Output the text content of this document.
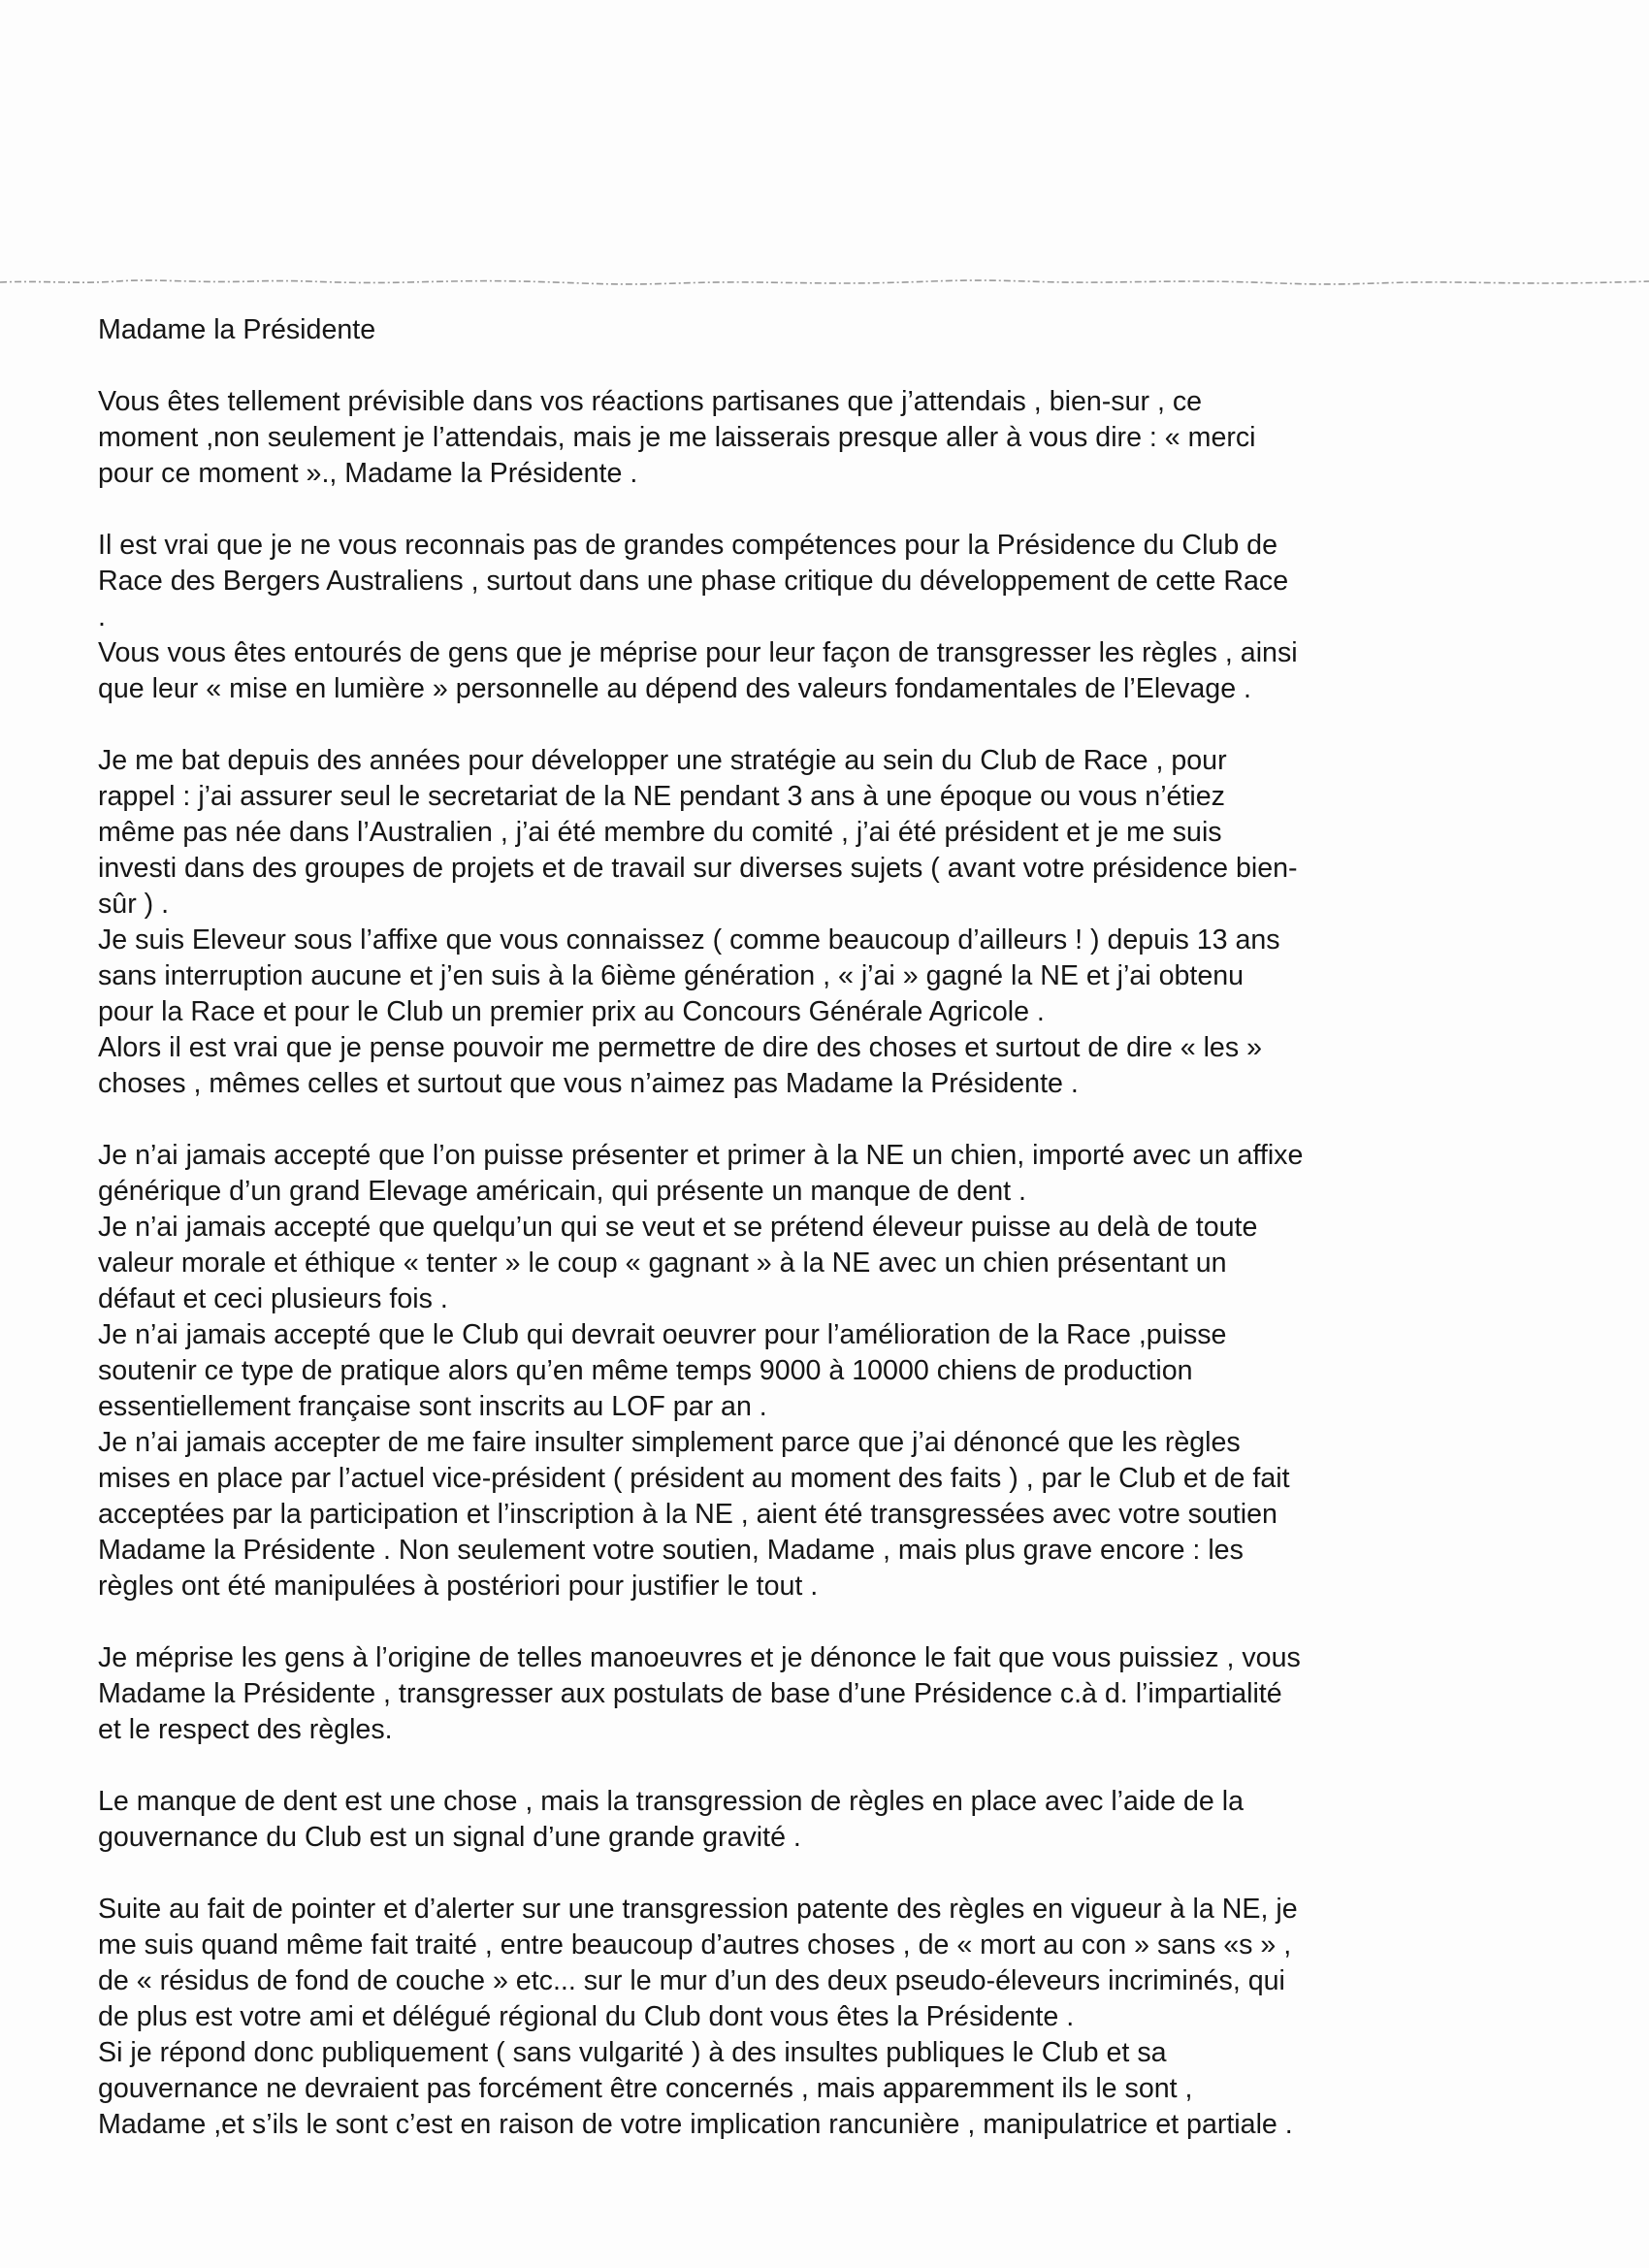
Madame la Présidente

Vous êtes tellement prévisible dans vos réactions partisanes que j’attendais , bien-sur , ce
moment ,non seulement je l’attendais, mais je me laisserais presque aller à vous dire : « merci
pour ce moment »., Madame la Présidente .

Il est vrai que je ne vous reconnais pas de grandes compétences pour la Présidence du Club de
Race des Bergers Australiens , surtout dans une phase critique du développement de cette Race
.

Vous vous êtes entourés de gens que je méprise pour leur façon de transgresser les règles , ainsi
que leur « mise en lumière » personnelle au dépend des valeurs fondamentales de l’Elevage .

Je me bat depuis des années pour développer une stratégie au sein du Club de Race , pour
rappel : j’ai assurer seul le secretariat de la NE pendant 3 ans à une époque ou vous n’étiez
même pas née dans l’Australien , j’ai été membre du comité , j’ai été président et je me suis
investi dans des groupes de projets et de travail sur diverses sujets ( avant votre présidence bien-
sûr ) .

Je suis Eleveur sous l’affixe que vous connaissez ( comme beaucoup d’ailleurs ! ) depuis 13 ans
sans interruption aucune et j’en suis à la 6ième génération , « j’ai » gagné la NE et j’ai obtenu
pour la Race et pour le Club un premier prix au Concours Générale Agricole .

Alors il est vrai que je pense pouvoir me permettre de dire des choses et surtout de dire « les »
choses , mêmes celles et surtout que vous n’aimez pas Madame la Présidente .

Je n’ai jamais accepté que l’on puisse présenter et primer à la NE un chien, importé avec un affixe
générique d’un grand Elevage américain, qui présente un manque de dent .

Je n’ai jamais accepté que quelqu’un qui se veut et se prétend éleveur puisse au delà de toute
valeur morale et éthique « tenter » le coup « gagnant » à la NE avec un chien présentant un
défaut et ceci plusieurs fois .

Je n’ai jamais accepté que le Club qui devrait oeuvrer pour l’amélioration de la Race ,puisse
soutenir ce type de pratique alors qu’en même temps 9000 à 10000 chiens de production
essentiellement française sont inscrits au LOF par an .

Je n’ai jamais accepter de me faire insulter simplement parce que j’ai dénoncé que les règles
mises en place par l’actuel vice-président ( président au moment des faits ) , par le Club et de fait
acceptées par la participation et l’inscription à la NE , aient été transgressées avec votre soutien
Madame la Présidente . Non seulement votre soutien, Madame , mais plus grave encore : les
règles ont été manipulées à postériori pour justifier le tout .

Je méprise les gens à l’origine de telles manoeuvres et je dénonce le fait que vous puissiez , vous
Madame la Présidente , transgresser aux postulats de base d’une Présidence c.à d. l’impartialité
et le respect des règles.

Le manque de dent est une chose , mais la transgression de règles en place avec l’aide de la
gouvernance du Club est un signal d’une grande gravité .

Suite au fait de pointer et d’alerter sur une transgression patente des règles en vigueur à la NE, je
me suis quand même fait traité , entre beaucoup d’autres choses , de « mort au con » sans «s » ,
de « résidus de fond de couche » etc... sur le mur d’un des deux pseudo-éleveurs incriminés, qui
de plus est votre ami et délégué régional du Club dont vous êtes la Présidente .

Si je répond donc publiquement ( sans vulgarité ) à des insultes publiques le Club et sa
gouvernance ne devraient pas forcément être concernés , mais apparemment ils le sont ,
Madame ,et s’ils le sont c’est en raison de votre implication rancunière , manipulatrice et partiale .
